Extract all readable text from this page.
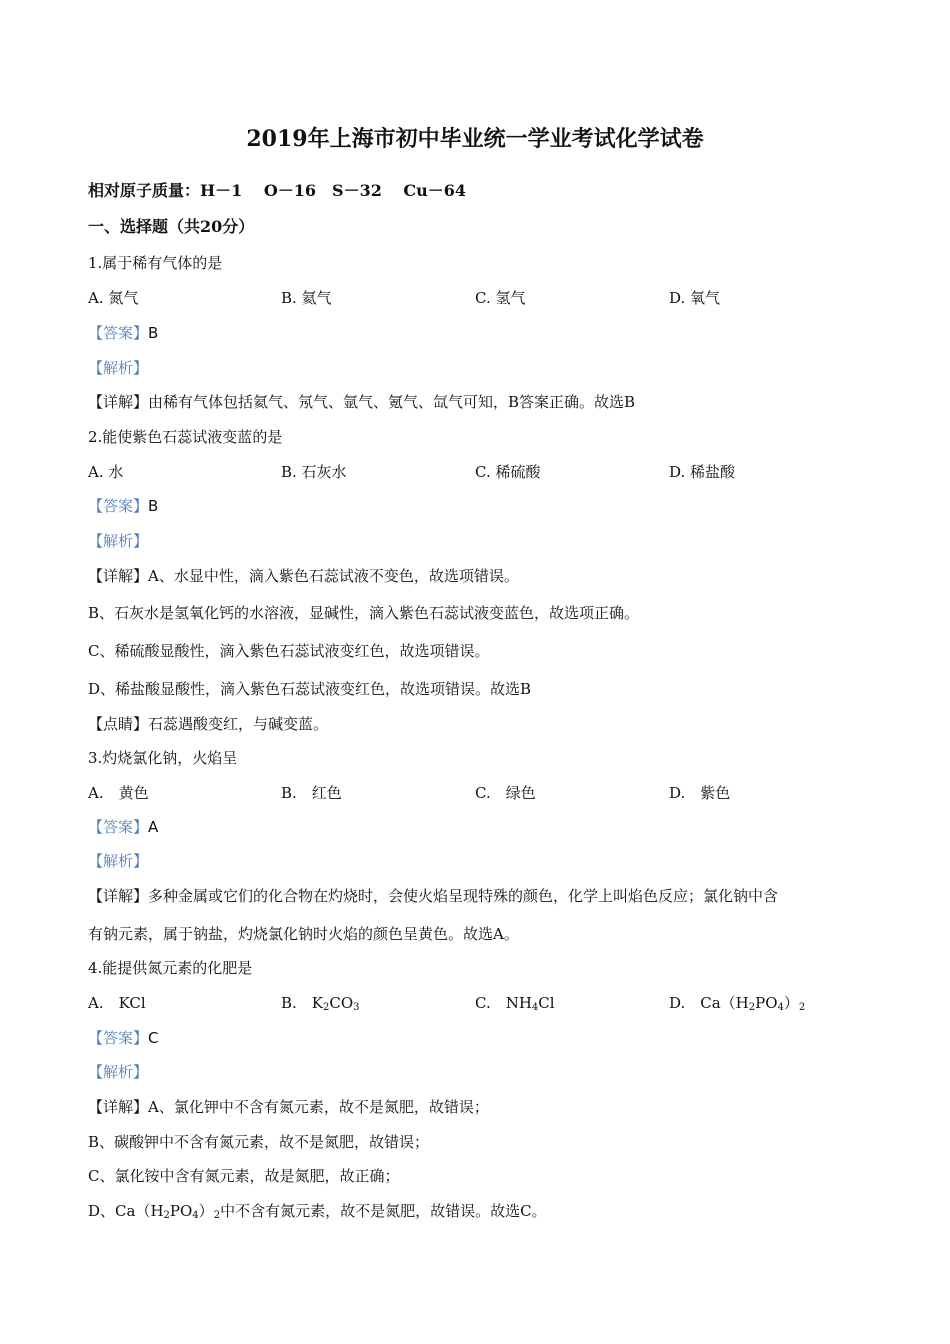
2019年上海市初中毕业统一学业考试化学试卷
相对原子质量：H－1　 O－16　S－32　 Cu－64
一、选择题（共20分）
1.属于稀有气体的是
A. 氮气	B. 氦气	C. 氢气	D. 氧气
【答案】B
【解析】
【详解】由稀有气体包括氦气、氖气、氩气、氪气、氙气可知，B答案正确。故选B
2.能使紫色石蕊试液变蓝的是
A. 水	B. 石灰水	C. 稀硫酸	D. 稀盐酸
【答案】B
【解析】
【详解】A、水显中性，滴入紫色石蕊试液不变色，故选项错误。
B、石灰水是氢氧化钙的水溶液，显碱性，滴入紫色石蕊试液变蓝色，故选项正确。
C、稀硫酸显酸性，滴入紫色石蕊试液变红色，故选项错误。
D、稀盐酸显酸性，滴入紫色石蕊试液变红色，故选项错误。故选B
【点睛】石蕊遇酸变红，与碱变蓝。
3.灼烧氯化钠，火焰呈
A.　黄色	B.　红色	C.　绿色	D.　紫色
【答案】A
【解析】
【详解】多种金属或它们的化合物在灼烧时，会使火焰呈现特殊的颜色，化学上叫焰色反应；氯化钠中含
有钠元素，属于钠盐，灼烧氯化钠时火焰的颜色呈黄色。故选A。
4.能提供氮元素的化肥是
A.　KCl	B.　$K_2CO_3$	C.　$NH_4Cl$	D.　$Ca(H_2PO_4)_2$
【答案】C
【解析】
【详解】A、氯化钾中不含有氮元素，故不是氮肥，故错误；
B、碳酸钾中不含有氮元素，故不是氮肥，故错误；
C、氯化铵中含有氮元素，故是氮肥，故正确；
D、$Ca(H_2PO_4)_2$中不含有氮元素，故不是氮肥，故错误。故选C。
